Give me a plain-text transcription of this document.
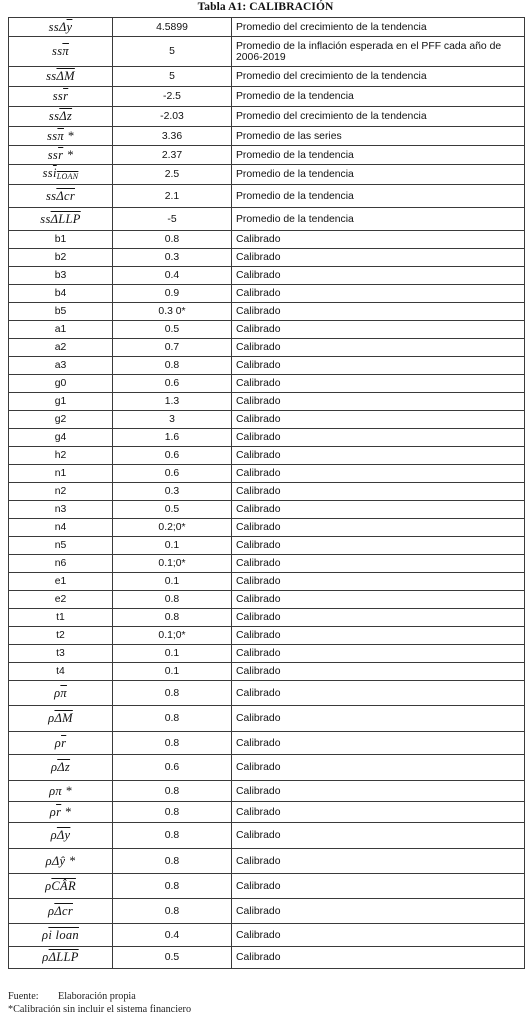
Tabla A1: CALIBRACIÓN
$ss\Delta\overline{y}$	4.5899	Promedio del crecimiento de la tendencia
$ss\overline{\pi}$	5	Promedio de la inflación esperada en el PFF cada año de 2006-2019
$ss\overline{\Delta M}$	5	Promedio del crecimiento de la tendencia
$ss\overline{r}$	-2.5	Promedio de la tendencia
$ss\overline{\Delta z}$	-2.03	Promedio del crecimiento de la tendencia
$ss\overline{\pi}$ *	3.36	Promedio de las series
$ss\overline{r}$ *	2.37	Promedio de la tendencia
$ss\overline{i}_{LOAN}$	2.5	Promedio de la tendencia
$ss\overline{\Delta cr}$	2.1	Promedio de la tendencia
ssΔLLP	-5	Promedio de la tendencia
b1	0.8	Calibrado
b2	0.3	Calibrado
b3	0.4	Calibrado
b4	0.9	Calibrado
b5	0.3 0*	Calibrado
a1	0.5	Calibrado
a2	0.7	Calibrado
a3	0.8	Calibrado
g0	0.6	Calibrado
g1	1.3	Calibrado
g2	3	Calibrado
g4	1.6	Calibrado
h2	0.6	Calibrado
n1	0.6	Calibrado
n2	0.3	Calibrado
n3	0.5	Calibrado
n4	0.2;0*	Calibrado
n5	0.1	Calibrado
n6	0.1;0*	Calibrado
e1	0.1	Calibrado
e2	0.8	Calibrado
t1	0.8	Calibrado
t2	0.1;0*	Calibrado
t3	0.1	Calibrado
t4	0.1	Calibrado
$\rho\overline{\pi}$	0.8	Calibrado
$\rho\overline{\Delta M}$	0.8	Calibrado
$\rho\overline{r}$	0.8	Calibrado
$\rho\overline{\Delta z}$	0.6	Calibrado
ρπ *	0.8	Calibrado
$\rho\overline{r}$ *	0.8	Calibrado
$\rho\overline{\Delta y}$	0.8	Calibrado
ρΔŷ *	0.8	Calibrado
$\rho\overline{CÂR}$	0.8	Calibrado
$\rho\overline{\Delta cr}$	0.8	Calibrado
ρi loan	0.4	Calibrado
ρΔLLP	0.5	Calibrado
Fuente: Elaboración propia
*Calibración sin incluir el sistema financiero
